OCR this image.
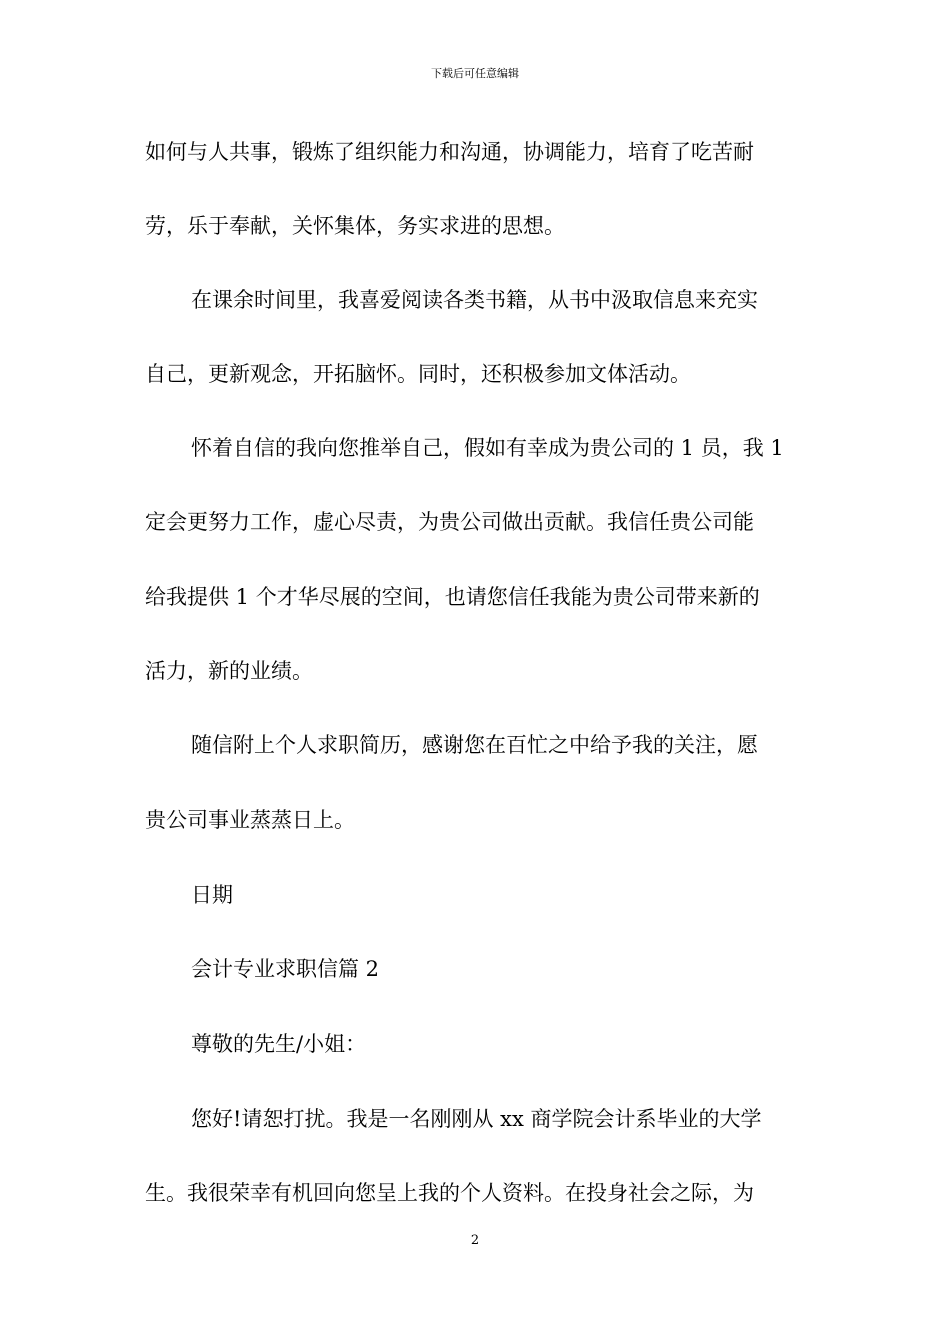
下载后可任意编辑
如何与人共事，锻炼了组织能力和沟通，协调能力，培育了吃苦耐
劳，乐于奉献，关怀集体，务实求进的思想。
在课余时间里，我喜爱阅读各类书籍，从书中汲取信息来充实
自己，更新观念，开拓脑怀。同时，还积极参加文体活动。
怀着自信的我向您推举自己，假如有幸成为贵公司的 1 员，我 1
定会更努力工作，虚心尽责，为贵公司做出贡献。我信任贵公司能
给我提供 1 个才华尽展的空间，也请您信任我能为贵公司带来新的
活力，新的业绩。
随信附上个人求职简历，感谢您在百忙之中给予我的关注，愿
贵公司事业蒸蒸日上。
日期
会计专业求职信篇 2
尊敬的先生/小姐：
您好!请恕打扰。我是一名刚刚从 xx 商学院会计系毕业的大学
生。我很荣幸有机回向您呈上我的个人资料。在投身社会之际，为
2
